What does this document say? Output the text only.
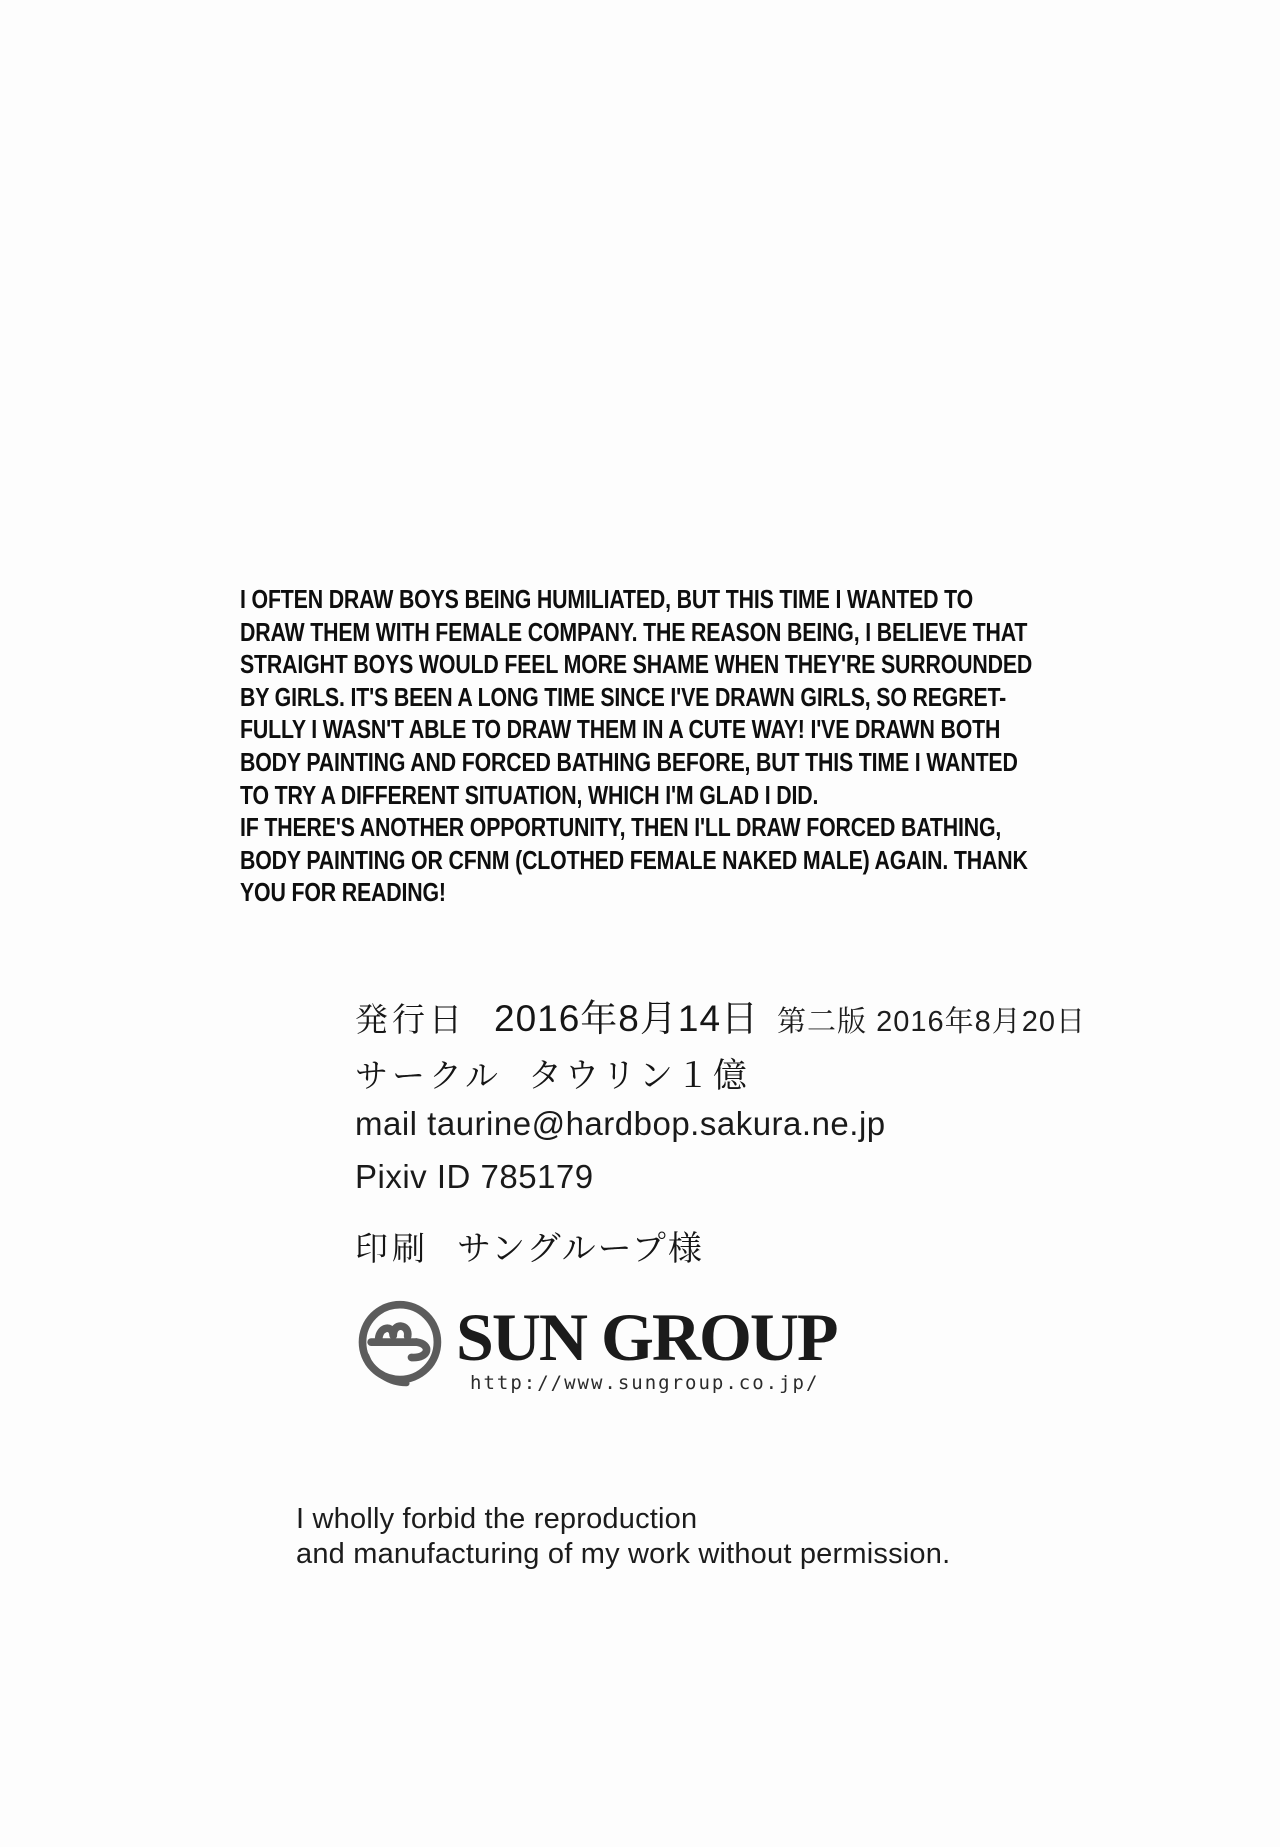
I OFTEN DRAW BOYS BEING HUMILIATED, BUT THIS TIME I WANTED TO
DRAW THEM WITH FEMALE COMPANY. THE REASON BEING, I BELIEVE THAT
STRAIGHT BOYS WOULD FEEL MORE SHAME WHEN THEY'RE SURROUNDED
BY GIRLS. IT'S BEEN A LONG TIME SINCE I'VE DRAWN GIRLS, SO REGRET-
FULLY I WASN'T ABLE TO DRAW THEM IN A CUTE WAY! I'VE DRAWN BOTH
BODY PAINTING AND FORCED BATHING BEFORE, BUT THIS TIME I WANTED
TO TRY A DIFFERENT SITUATION, WHICH I'M GLAD I DID.
IF THERE'S ANOTHER OPPORTUNITY, THEN I'LL DRAW FORCED BATHING,
BODY PAINTING OR CFNM (CLOTHED FEMALE NAKED MALE) AGAIN. THANK
YOU FOR READING!
発行日 2016年8月14日 第二版 2016年8月20日
サークル タウリン１億
mail taurine@hardbop.sakura.ne.jp
Pixiv ID 785179
印刷 サングループ様
SUN GROUP
http://www.sungroup.co.jp/
I wholly forbid the reproduction
and manufacturing of my work without permission.
